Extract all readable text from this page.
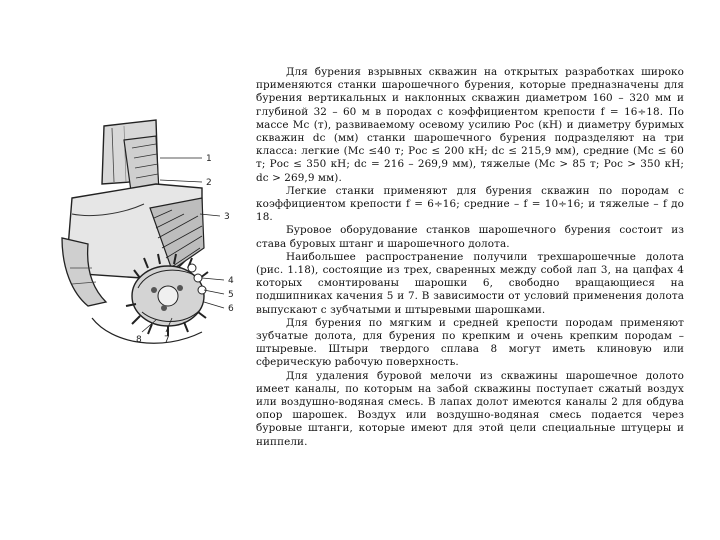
1
2
3
4
5
6
7
8

Для бурения взрывных скважин на открытых разработках широко применяются станки шарошечного бурения, которые предназначены для бурения вертикальных и наклонных скважин диаметром 160 – 320 мм и глубиной 32 – 60 м в породах с коэффициентом крепости f = 16÷18. По массе Mс (т), развиваемому осевому усилию Pос (кН) и диаметру буримых скважин dс (мм) станки шарошечного бурения подразделяют на три класса: легкие (Mс ≤40 т; Pос ≤ 200 кН; dс ≤ 215,9 мм), средние (Mс ≤ 60 т; Pос ≤ 350 кН; dс = 216 – 269,9 мм), тяжелые (Mс > 85 т; Pос > 350 кН; dс > 269,9 мм).

Легкие станки применяют для бурения скважин по породам с коэффициентом крепости f = 6÷16; средние – f = 10÷16; и тяжелые – f до 18.

Буровое оборудование станков шарошечного бурения состоит из става буровых штанг и шарошечного долота.

Наибольшее распространение получили трехшарошечные долота (рис. 1.18), состоящие из трех, сваренных между собой лап 3, на цапфах 4 которых смонтированы шарошки 6, свободно вращающиеся на подшипниках качения 5 и 7. В зависимости от условий применения долота выпускают с зубчатыми и штыревыми шарошками.

Для бурения по мягким и средней крепости породам применяют зубчатые долота, для бурения по крепким и очень крепким породам – штыревые. Штыри твердого сплава 8 могут иметь клиновую или сферическую рабочую поверхность.

Для удаления буровой мелочи из скважины шарошечное долото имеет каналы, по которым на забой скважины поступает сжатый воздух или воздушно-водяная смесь. В лапах долот имеются каналы 2 для обдува опор шарошек. Воздух или воздушно-водяная смесь подается через буровые штанги, которые имеют для этой цели специальные штуцеры и ниппели.
